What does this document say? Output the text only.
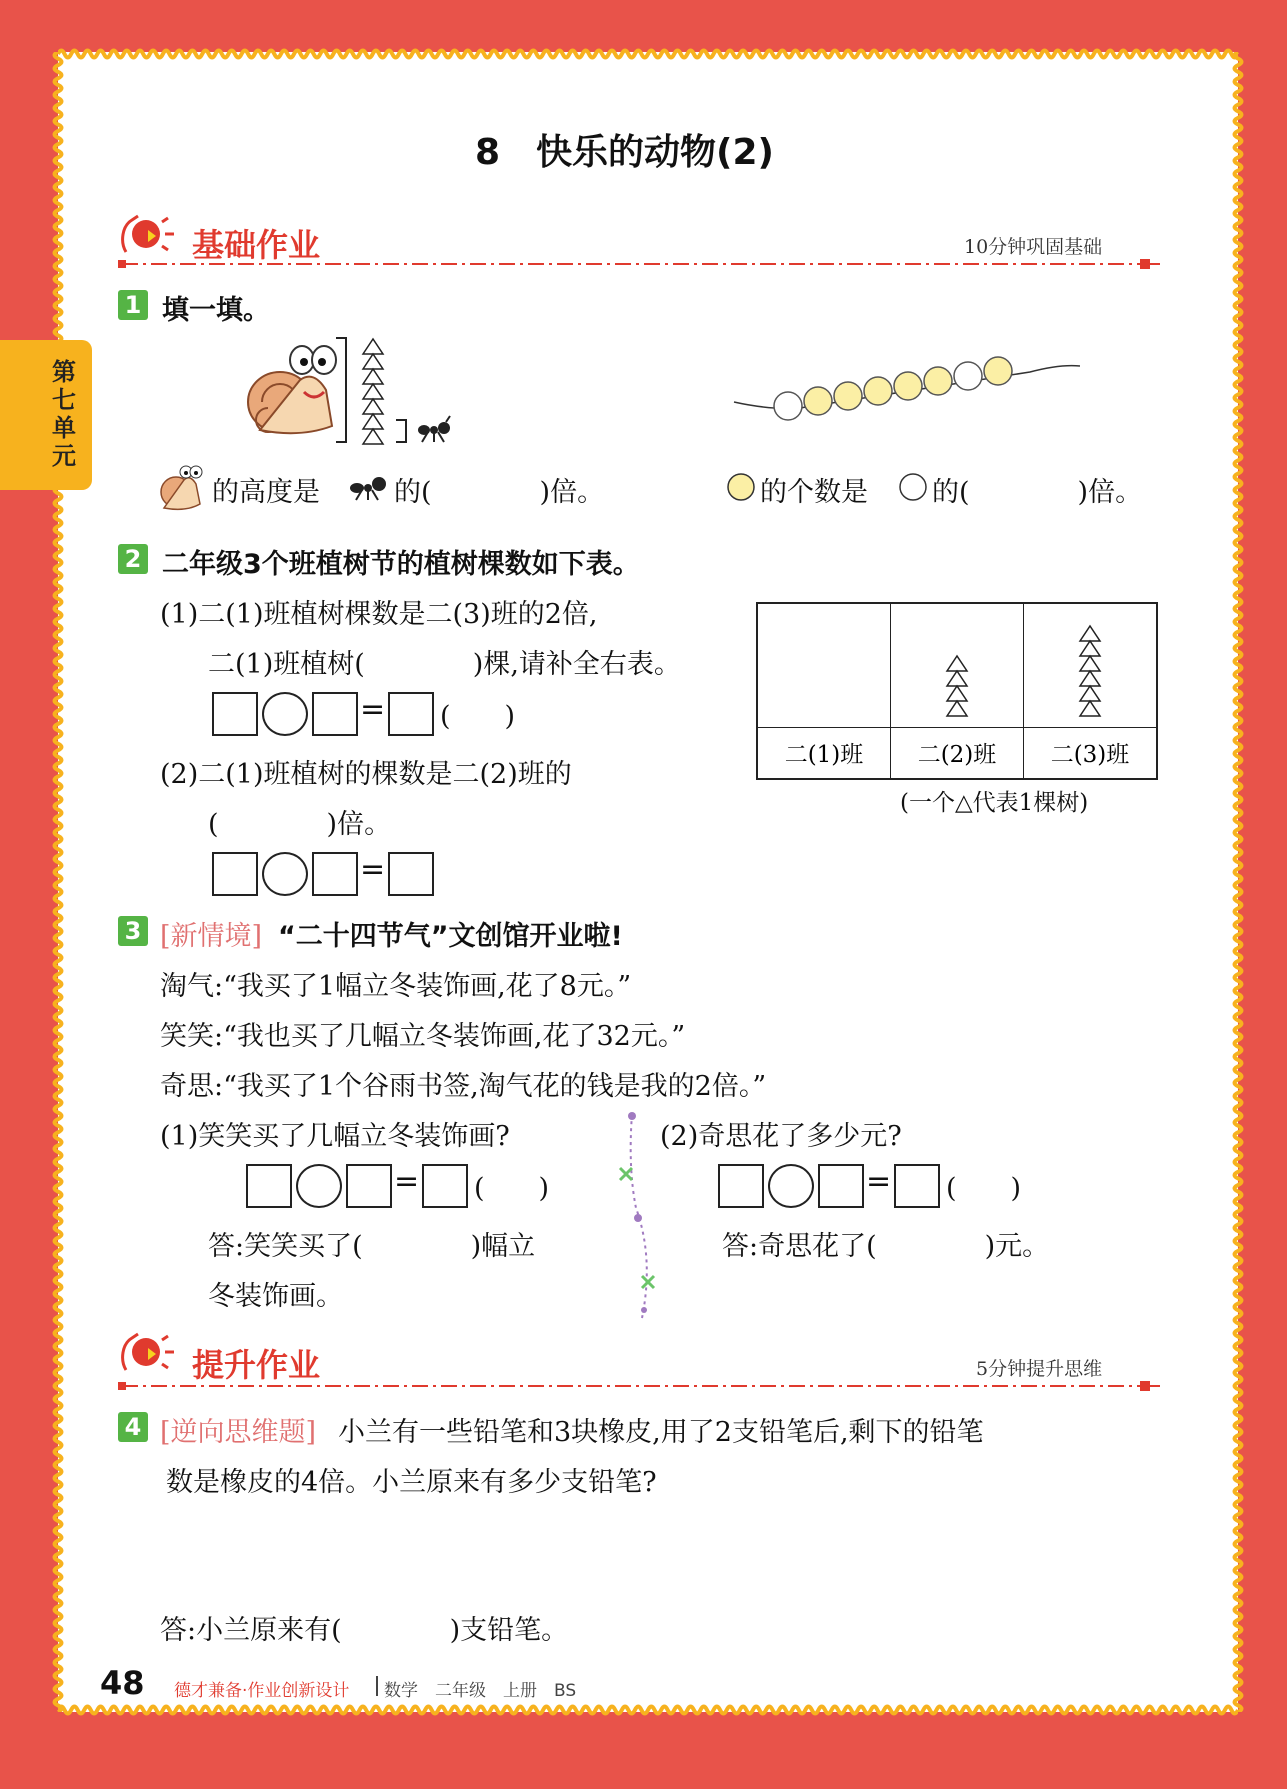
第七单元
8　快乐的动物(2)
基础作业	10分钟巩固基础
1 填一填。
的高度是	的(　　　　)倍。	的个数是 的(　　　　)倍。
2 二年级3个班植树节的植树棵数如下表。
(1)二(1)班植树棵数是二(3)班的2倍,
二(1)班植树(　　　　)棵,请补全右表。
= (　　)
(2)二(1)班植树的棵数是二(2)班的
(　　　　)倍。
=

二(1)班	二(2)班	二(3)班
(一个△代表1棵树)
3 [新情境] “二十四节气”文创馆开业啦!
淘气:“我买了1幅立冬装饰画,花了8元。”
笑笑:“我也买了几幅立冬装饰画,花了32元。”
奇思:“我买了1个谷雨书签,淘气花的钱是我的2倍。”
(1)笑笑买了几幅立冬装饰画?	(2)奇思花了多少元?
= (　　)
答:笑笑买了(　　　　)幅立
冬装饰画。
= (　　)
答:奇思花了(　　　　)元。
提升作业	5分钟提升思维
4 [逆向思维题] 小兰有一些铅笔和3块橡皮,用了2支铅笔后,剩下的铅笔
数是橡皮的4倍。小兰原来有多少支铅笔?
答:小兰原来有(　　　　)支铅笔。
48 德才兼备·作业创新设计 数学　二年级　上册　BS
